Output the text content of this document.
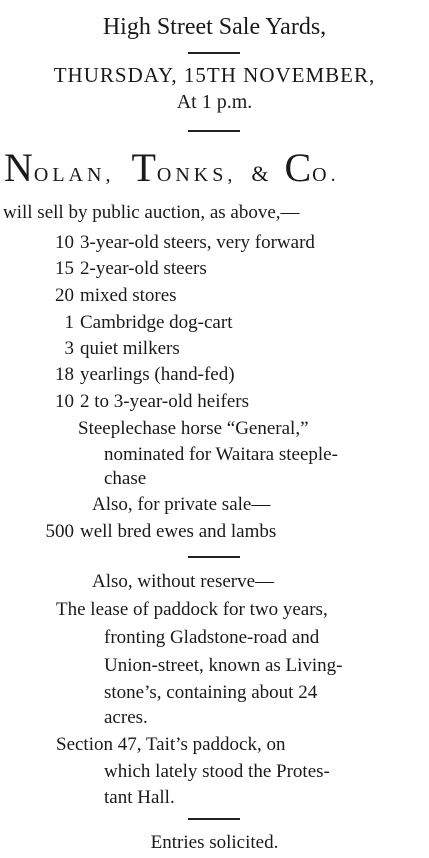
High Street Sale Yards,
THURSDAY, 15TH NOVEMBER,
At 1 p.m.
NOLAN, TONKS, & CO.
will sell by public auction, as above,—
10 3-year-old steers, very forward
15 2-year-old steers
20 mixed stores
1 Cambridge dog-cart
3 quiet milkers
18 yearlings (hand-fed)
10 2 to 3-year-old heifers
Steeplechase horse “General,”
nominated for Waitara steeple-
chase
Also, for private sale—
500 well bred ewes and lambs
Also, without reserve—
The lease of paddock for two years,
fronting Gladstone-road and
Union-street, known as Living-
stone’s, containing about 24
acres.
Section 47, Tait’s paddock, on
which lately stood the Protes-
tant Hall.
Entries solicited.
